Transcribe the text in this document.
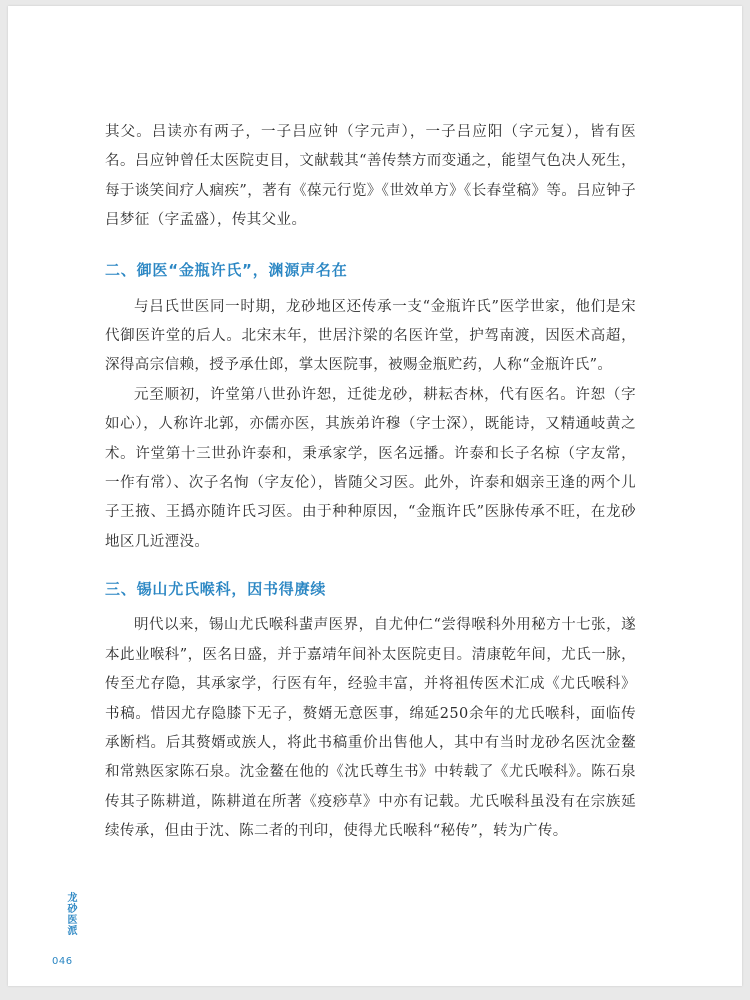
其父。吕读亦有两子，一子吕应钟（字元声），一子吕应阳（字元复），皆有医名。吕应钟曾任太医院吏目，文献载其“善传禁方而变通之，能望气色决人死生，每于谈笑间疗人痼疾”，著有《葆元行览》《世效单方》《长春堂稿》等。吕应钟子吕梦征（字孟盛），传其父业。

二、御医“金瓶许氏”，渊源声名在

与吕氏世医同一时期，龙砂地区还传承一支“金瓶许氏”医学世家，他们是宋代御医许堂的后人。北宋末年，世居汴梁的名医许堂，护驾南渡，因医术高超，深得高宗信赖，授予承仕郎，掌太医院事，被赐金瓶贮药，人称“金瓶许氏”。

元至顺初，许堂第八世孙许恕，迁徙龙砂，耕耘杏林，代有医名。许恕（字如心），人称许北郭，亦儒亦医，其族弟许穆（字士深），既能诗，又精通岐黄之术。许堂第十三世孙许泰和，秉承家学，医名远播。许泰和长子名椋（字友常，一作有常）、次子名恂（字友伦），皆随父习医。此外，许泰和姻亲王逢的两个儿子王掖、王撝亦随许氏习医。由于种种原因，“金瓶许氏”医脉传承不旺，在龙砂地区几近湮没。

三、锡山尤氏喉科，因书得赓续

明代以来，锡山尤氏喉科蜚声医界，自尤仲仁“尝得喉科外用秘方十七张，遂本此业喉科”，医名日盛，并于嘉靖年间补太医院吏目。清康乾年间，尤氏一脉，传至尤存隐，其承家学，行医有年，经验丰富，并将祖传医术汇成《尤氏喉科》书稿。惜因尤存隐膝下无子，赘婿无意医事，绵延250余年的尤氏喉科，面临传承断档。后其赘婿或族人，将此书稿重价出售他人，其中有当时龙砂名医沈金鳌和常熟医家陈石泉。沈金鳌在他的《沈氏尊生书》中转载了《尤氏喉科》。陈石泉传其子陈耕道，陈耕道在所著《疫痧草》中亦有记载。尤氏喉科虽没有在宗族延续传承，但由于沈、陈二者的刊印，使得尤氏喉科“秘传”，转为广传。

龙砂医派
046
